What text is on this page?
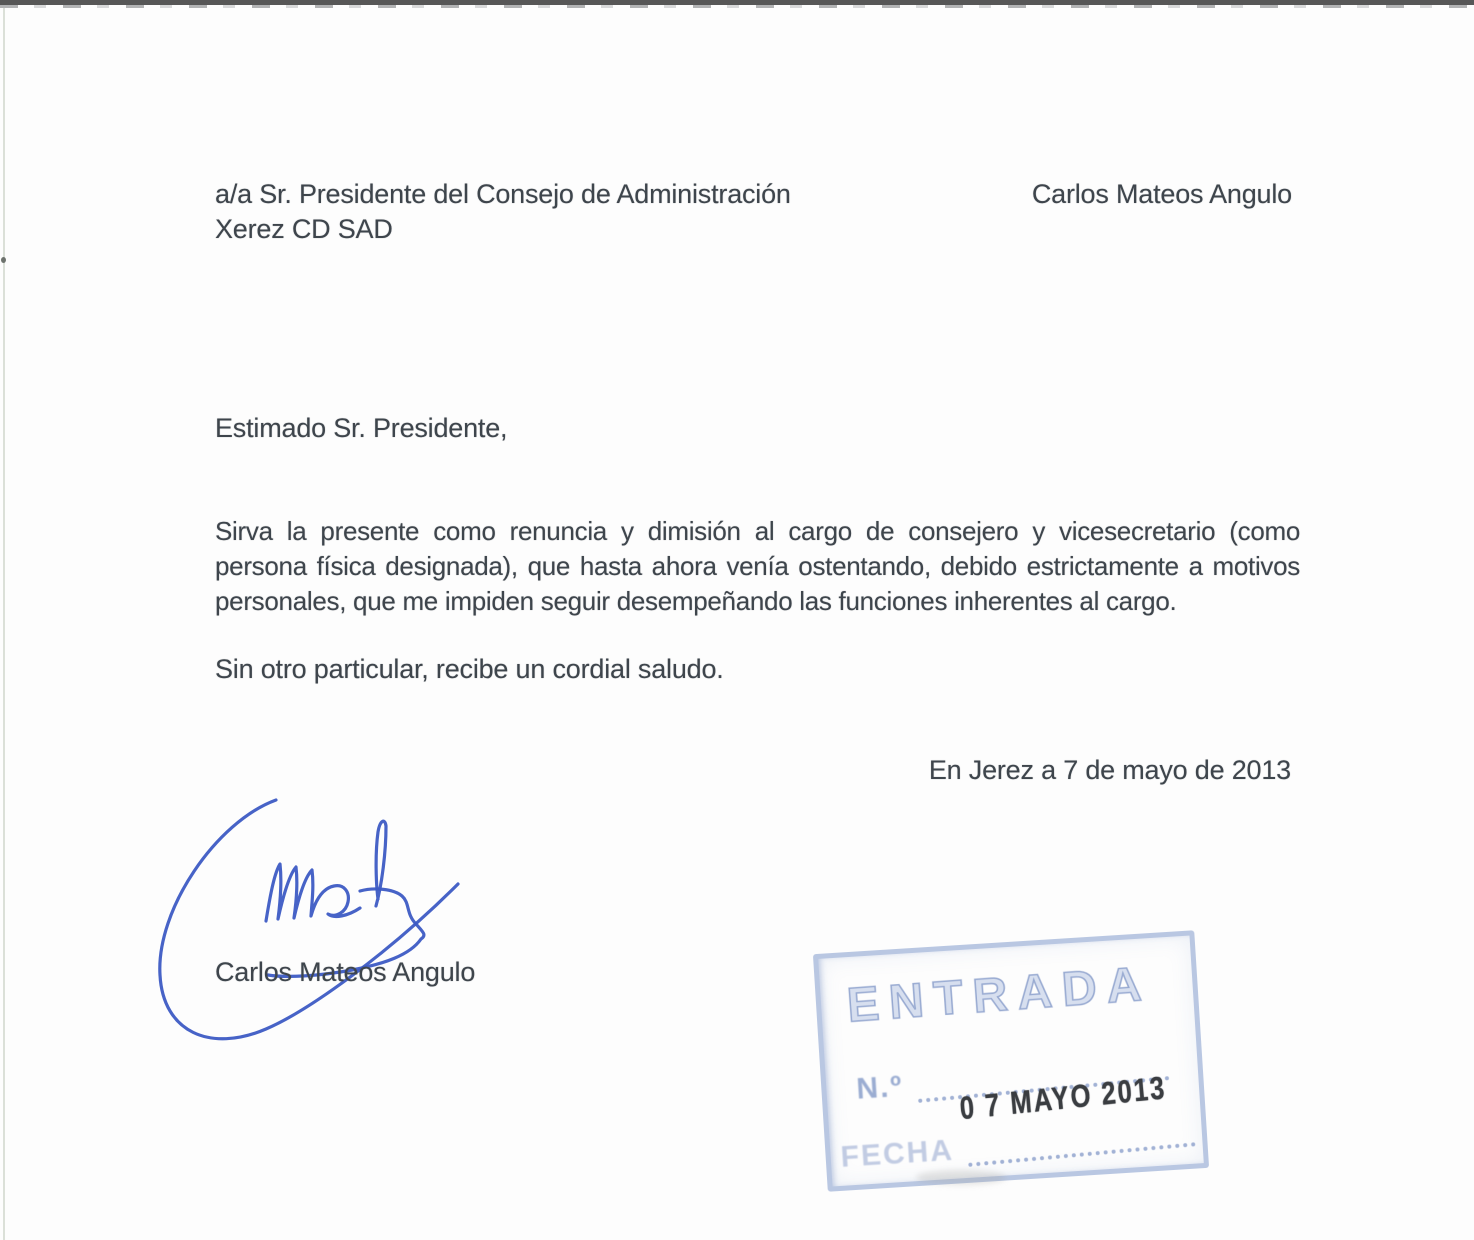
a/a Sr. Presidente del Consejo de Administración
Xerez CD SAD
Carlos Mateos Angulo
Estimado Sr. Presidente,

Sirva la presente como renuncia y dimisión al cargo de consejero y vicesecretario (como persona física designada), que hasta ahora venía ostentando, debido estrictamente a motivos personales, que me impiden seguir desempeñando las funciones inherentes al cargo.

Sin otro particular, recibe un cordial saludo.
En Jerez a 7 de mayo de 2013
Carlos Mateos Angulo	ENTRADA
N.º 0 7 MAYO 2013
FECHA
